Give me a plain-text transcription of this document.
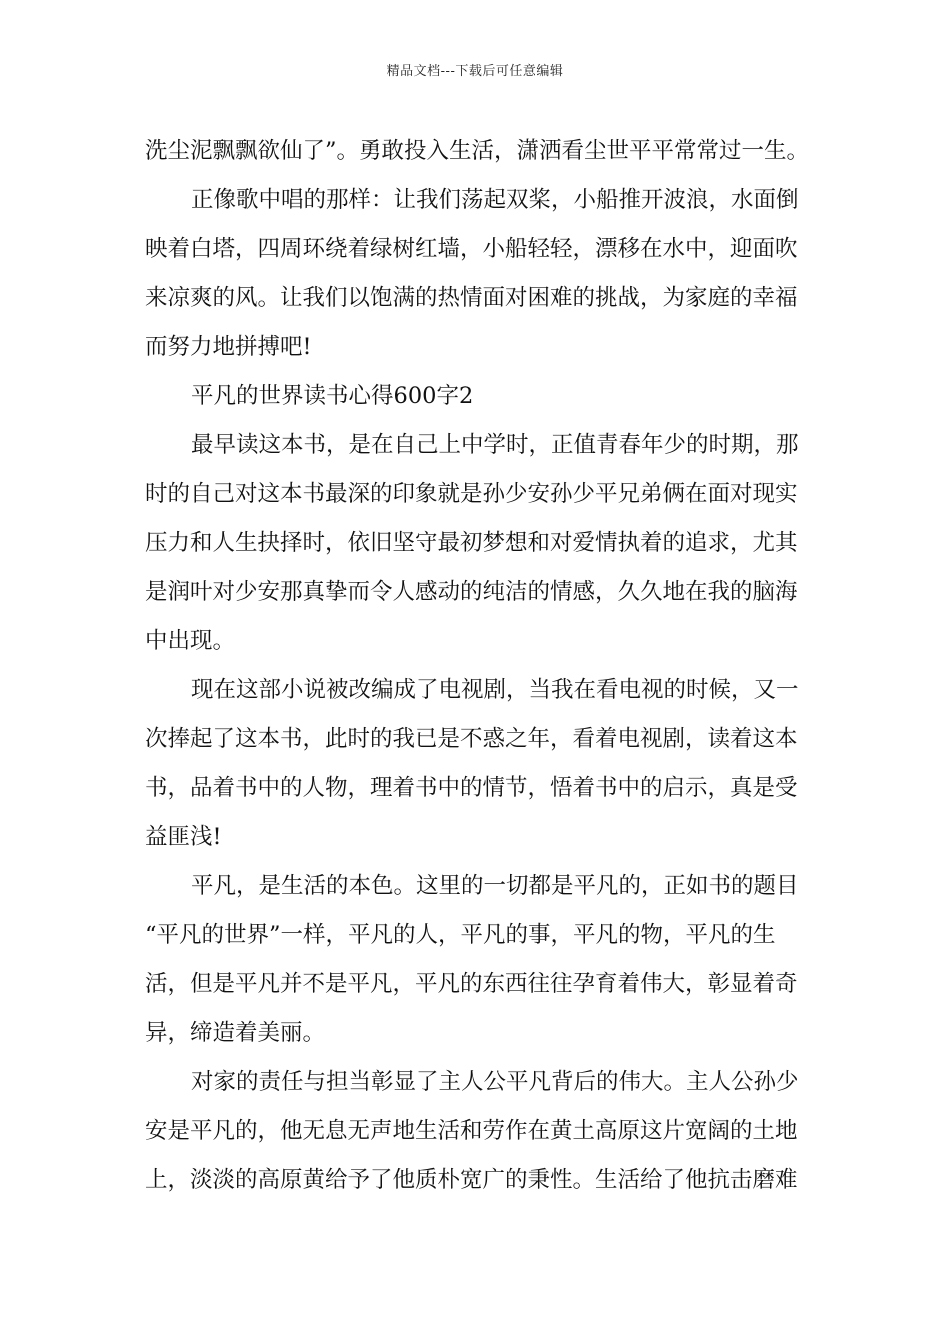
精品文档---下载后可任意编辑
洗尘泥飘飘欲仙了”。勇敢投入生活，潇洒看尘世平平常常过一生。
正像歌中唱的那样：让我们荡起双桨，小船推开波浪，水面倒
映着白塔，四周环绕着绿树红墙，小船轻轻，漂移在水中，迎面吹
来凉爽的风。让我们以饱满的热情面对困难的挑战，为家庭的幸福
而努力地拼搏吧!
平凡的世界读书心得600字2
最早读这本书，是在自己上中学时，正值青春年少的时期，那
时的自己对这本书最深的印象就是孙少安孙少平兄弟俩在面对现实
压力和人生抉择时，依旧坚守最初梦想和对爱情执着的追求，尤其
是润叶对少安那真挚而令人感动的纯洁的情感，久久地在我的脑海
中出现。
现在这部小说被改编成了电视剧，当我在看电视的时候，又一
次捧起了这本书，此时的我已是不惑之年，看着电视剧，读着这本
书，品着书中的人物，理着书中的情节，悟着书中的启示，真是受
益匪浅!
平凡，是生活的本色。这里的一切都是平凡的，正如书的题目
“平凡的世界”一样，平凡的人，平凡的事，平凡的物，平凡的生
活，但是平凡并不是平凡，平凡的东西往往孕育着伟大，彰显着奇
异，缔造着美丽。
对家的责任与担当彰显了主人公平凡背后的伟大。主人公孙少
安是平凡的，他无息无声地生活和劳作在黄土高原这片宽阔的土地
上，淡淡的高原黄给予了他质朴宽广的秉性。生活给了他抗击磨难
